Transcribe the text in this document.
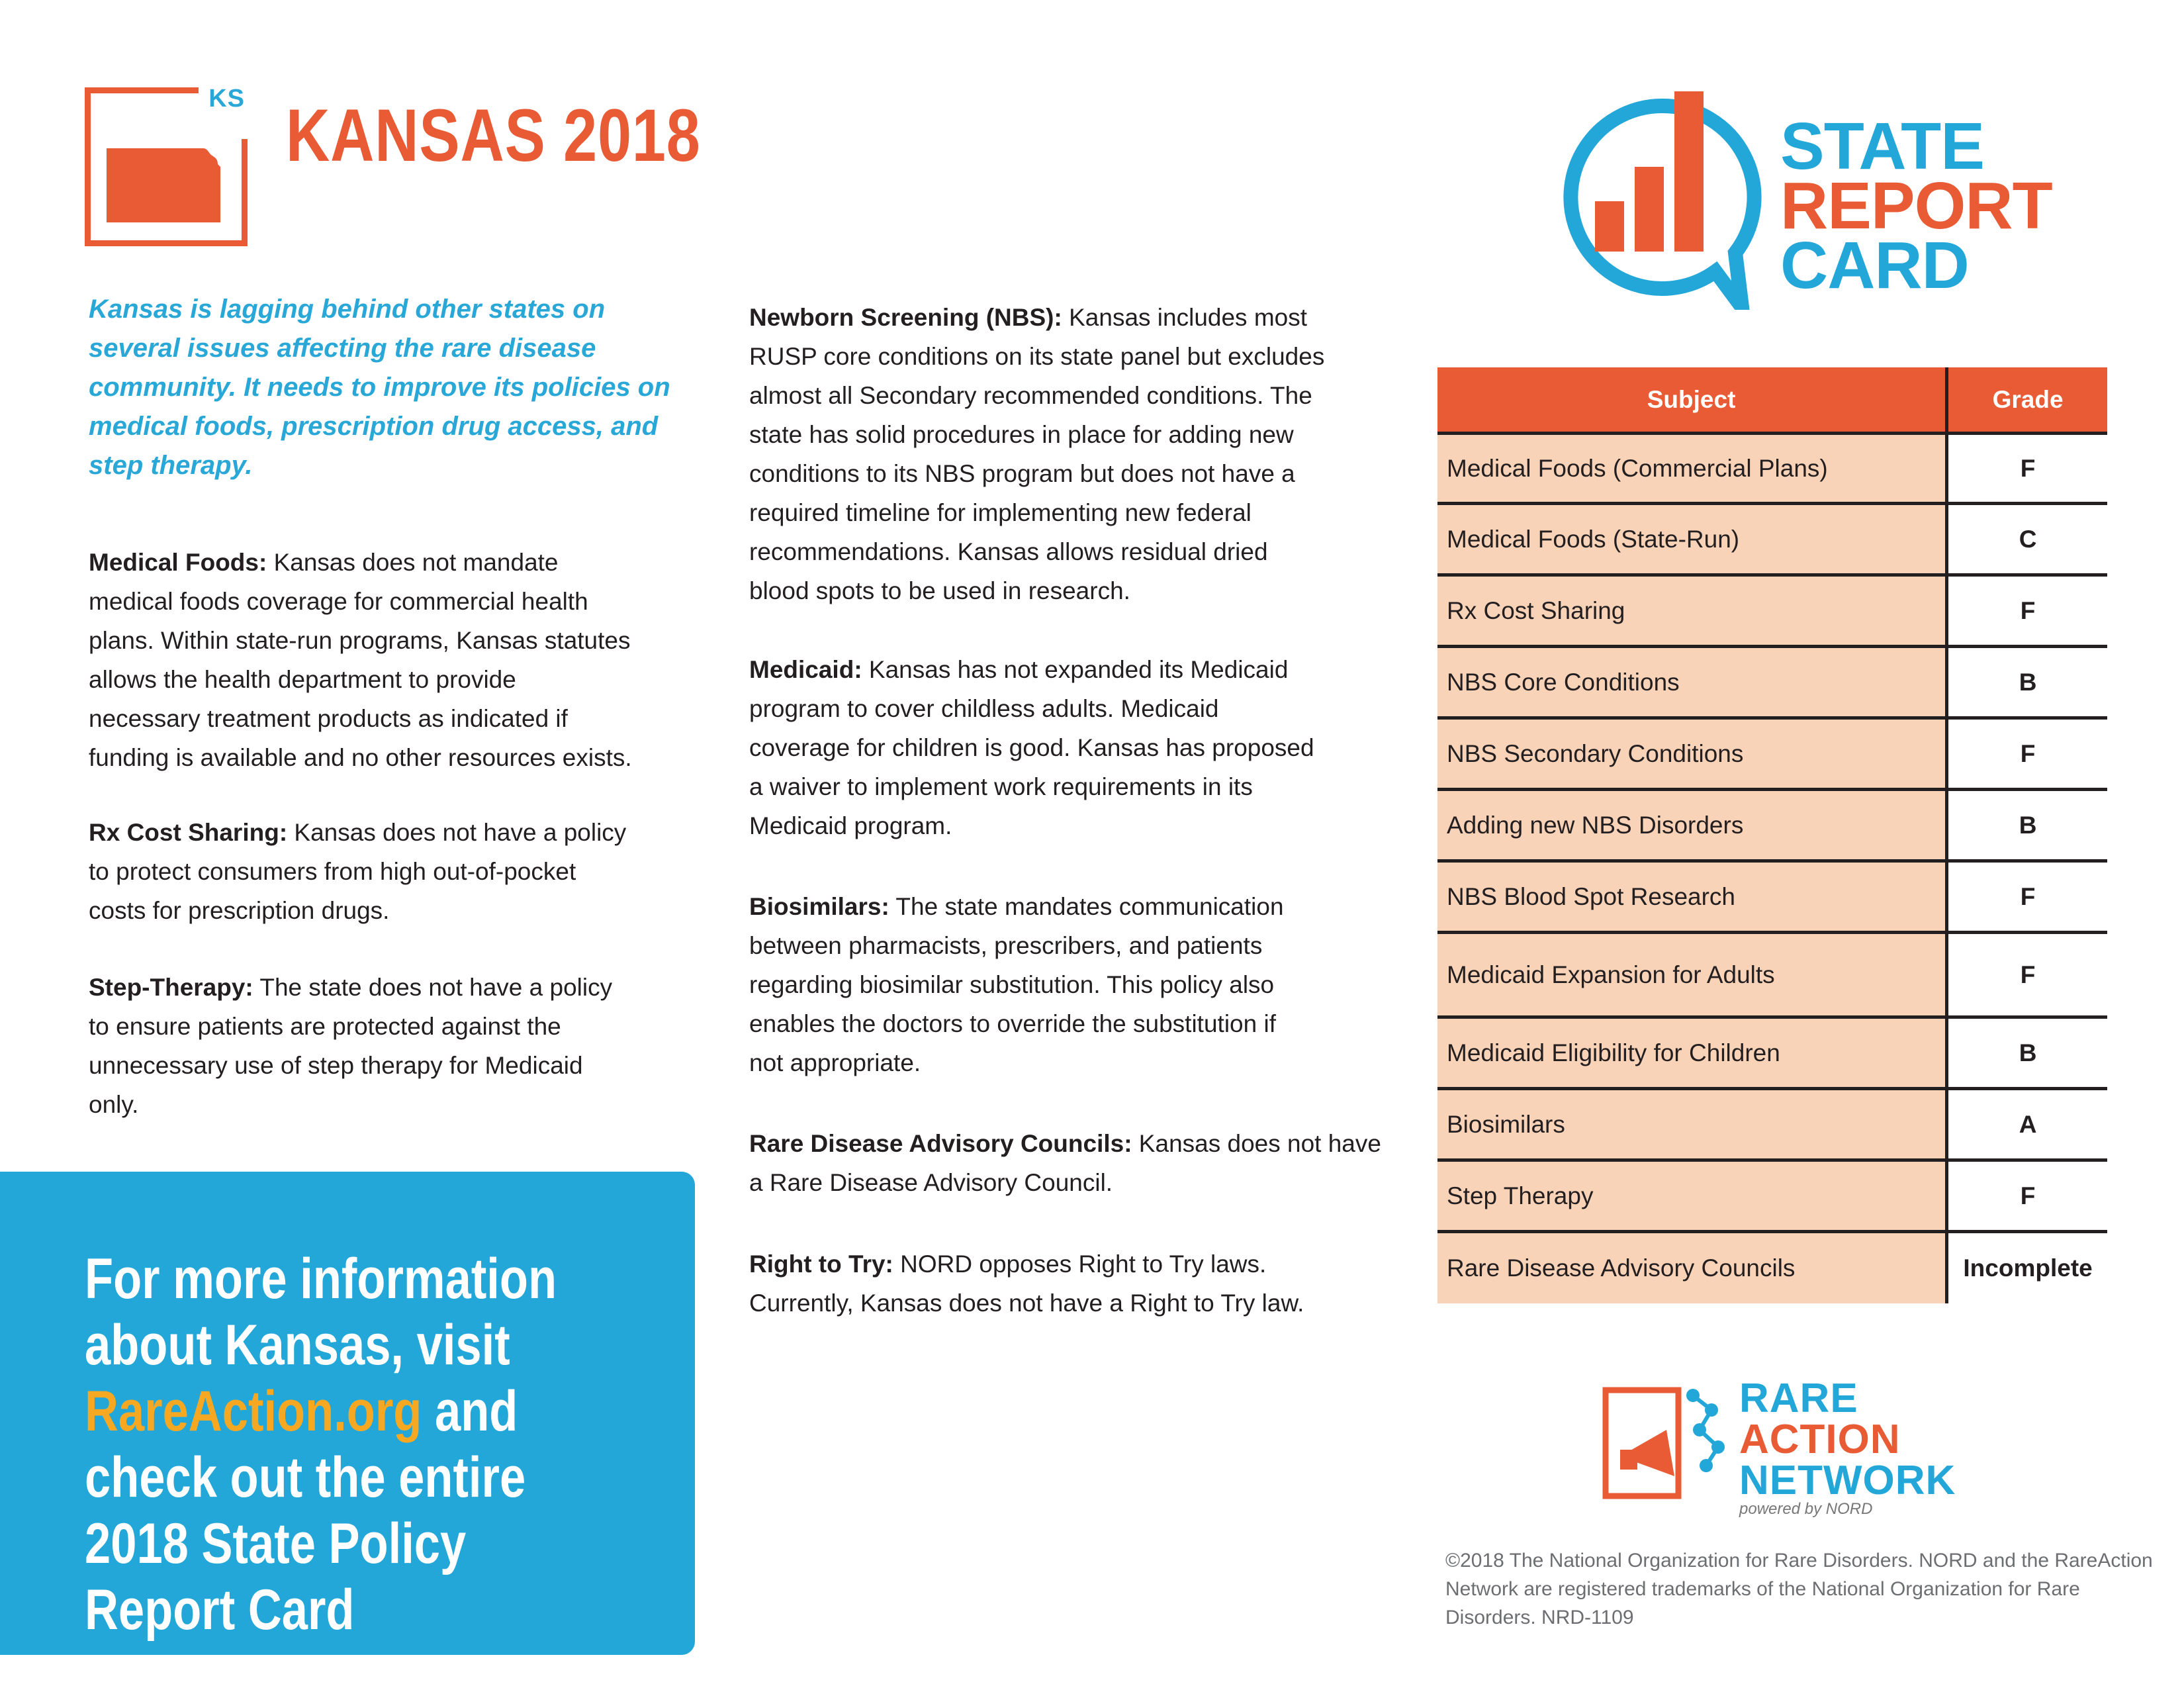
KS KANSAS 2018
Kansas is lagging behind other states on several issues affecting the rare disease community. It needs to improve its policies on medical foods, prescription drug access, and step therapy.
Medical Foods: Kansas does not mandate
medical foods coverage for commercial health
plans. Within state-run programs, Kansas statutes
allows the health department to provide
necessary treatment products as indicated if
funding is available and no other resources exists.
Rx Cost Sharing: Kansas does not have a policy
to protect consumers from high out-of-pocket
costs for prescription drugs.
Step-Therapy: The state does not have a policy
to ensure patients are protected against the
unnecessary use of step therapy for Medicaid
only.
Newborn Screening (NBS): Kansas includes most
RUSP core conditions on its state panel but excludes
almost all Secondary recommended conditions. The
state has solid procedures in place for adding new
conditions to its NBS program but does not have a
required timeline for implementing new federal
recommendations. Kansas allows residual dried
blood spots to be used in research.
Medicaid: Kansas has not expanded its Medicaid
program to cover childless adults. Medicaid
coverage for children is good. Kansas has proposed
a waiver to implement work requirements in its
Medicaid program.
Biosimilars: The state mandates communication
between pharmacists, prescribers, and patients
regarding biosimilar substitution. This policy also
enables the doctors to override the substitution if
not appropriate.
Rare Disease Advisory Councils: Kansas does not have
a Rare Disease Advisory Council.
Right to Try: NORD opposes Right to Try laws.
Currently, Kansas does not have a Right to Try law.
For more information about Kansas, visit RareAction.org and check out the entire 2018 State Policy Report Card
STATE
REPORT
CARD
Subject	Grade
Medical Foods (Commercial Plans)	F
Medical Foods (State-Run)	C
Rx Cost Sharing	F
NBS Core Conditions	B
NBS Secondary Conditions	F
Adding new NBS Disorders	B
NBS Blood Spot Research	F
Medicaid Expansion for Adults	F
Medicaid Eligibility for Children	B
Biosimilars	A
Step Therapy	F
Rare Disease Advisory Councils	Incomplete
RARE
ACTION
NETWORK
powered by NORD
©2018 The National Organization for Rare Disorders. NORD and the RareAction Network are registered trademarks of the National Organization for Rare Disorders. NRD-1109
